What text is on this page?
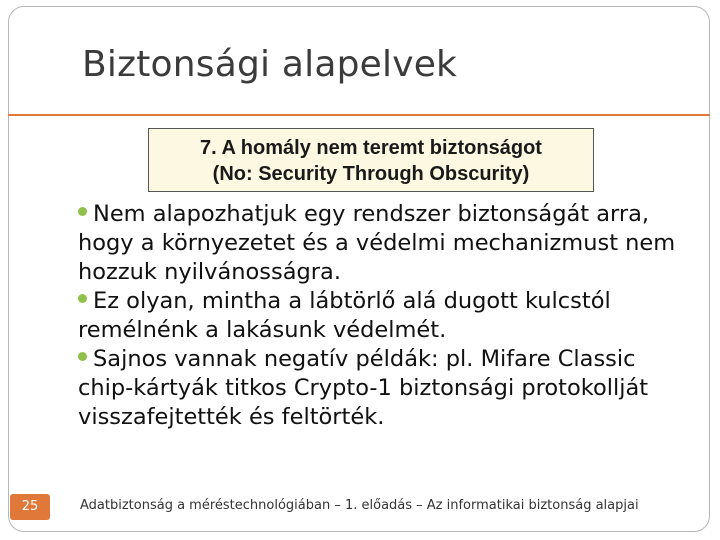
Biztonsági alapelvek
7. A homály nem teremt biztonságot
(No: Security Through Obscurity)

Nem alapozhatjuk egy rendszer biztonságát arra, hogy a környezetet és a védelmi mechanizmust nem hozzuk nyilvánosságra.

Ez olyan, mintha a lábtörlő alá dugott kulcstól remélnénk a lakásunk védelmét.

Sajnos vannak negatív példák: pl. Mifare Classic chip-kártyák titkos Crypto-1 biztonsági protokollját visszafejtették és feltörték.

25	Adatbiztonság a méréstechnológiában – 1. előadás – Az informatikai biztonság alapjai
